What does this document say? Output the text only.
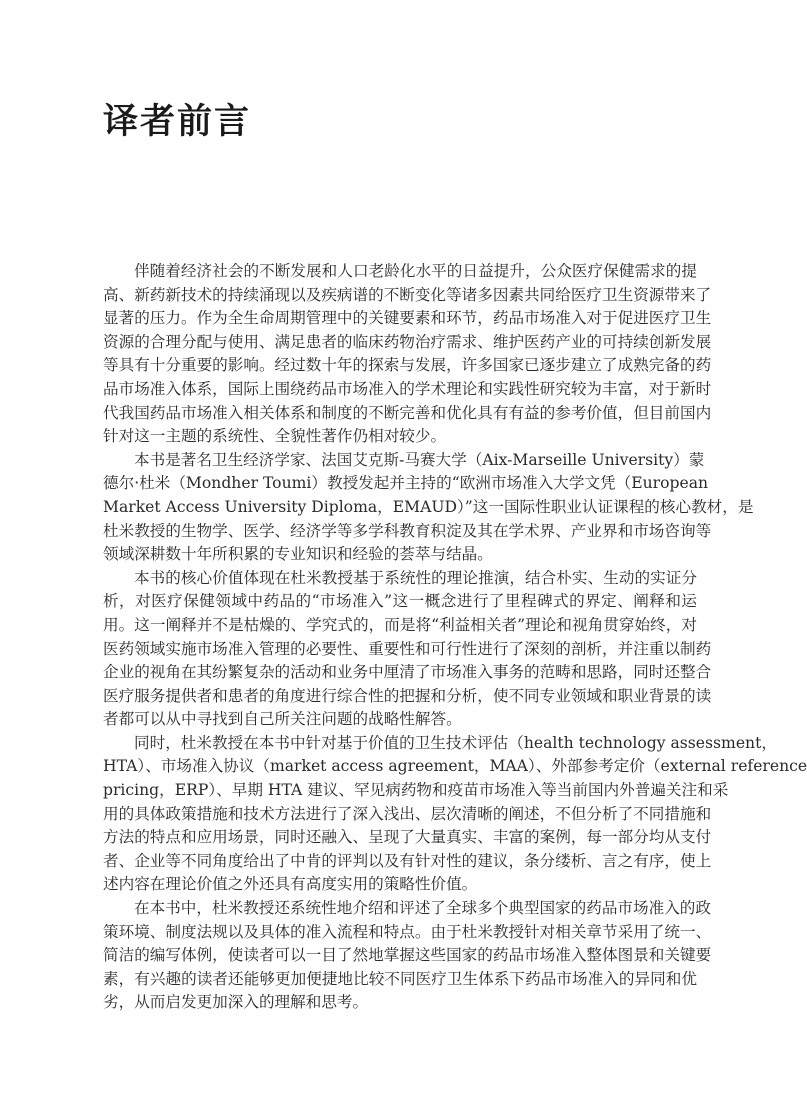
译者前言
伴随着经济社会的不断发展和人口老龄化水平的日益提升，公众医疗保健需求的提
高、新药新技术的持续涌现以及疾病谱的不断变化等诸多因素共同给医疗卫生资源带来了
显著的压力。作为全生命周期管理中的关键要素和环节，药品市场准入对于促进医疗卫生
资源的合理分配与使用、满足患者的临床药物治疗需求、维护医药产业的可持续创新发展
等具有十分重要的影响。经过数十年的探索与发展，许多国家已逐步建立了成熟完备的药
品市场准入体系，国际上围绕药品市场准入的学术理论和实践性研究较为丰富，对于新时
代我国药品市场准入相关体系和制度的不断完善和优化具有有益的参考价值，但目前国内
针对这一主题的系统性、全貌性著作仍相对较少。
本书是著名卫生经济学家、法国艾克斯-马赛大学（Aix-Marseille University）蒙
德尔·杜米（Mondher Toumi）教授发起并主持的“欧洲市场准入大学文凭（European
Market Access University Diploma，EMAUD）”这一国际性职业认证课程的核心教材，是
杜米教授的生物学、医学、经济学等多学科教育积淀及其在学术界、产业界和市场咨询等
领域深耕数十年所积累的专业知识和经验的荟萃与结晶。
本书的核心价值体现在杜米教授基于系统性的理论推演，结合朴实、生动的实证分
析，对医疗保健领域中药品的“市场准入”这一概念进行了里程碑式的界定、阐释和运
用。这一阐释并不是枯燥的、学究式的，而是将“利益相关者”理论和视角贯穿始终，对
医药领域实施市场准入管理的必要性、重要性和可行性进行了深刻的剖析，并注重以制药
企业的视角在其纷繁复杂的活动和业务中厘清了市场准入事务的范畴和思路，同时还整合
医疗服务提供者和患者的角度进行综合性的把握和分析，使不同专业领域和职业背景的读
者都可以从中寻找到自己所关注问题的战略性解答。
同时，杜米教授在本书中针对基于价值的卫生技术评估（health technology assessment，
HTA）、市场准入协议（market access agreement，MAA）、外部参考定价（external reference
pricing，ERP）、早期 HTA 建议、罕见病药物和疫苗市场准入等当前国内外普遍关注和采
用的具体政策措施和技术方法进行了深入浅出、层次清晰的阐述，不但分析了不同措施和
方法的特点和应用场景，同时还融入、呈现了大量真实、丰富的案例，每一部分均从支付
者、企业等不同角度给出了中肯的评判以及有针对性的建议，条分缕析、言之有序，使上
述内容在理论价值之外还具有高度实用的策略性价值。
在本书中，杜米教授还系统性地介绍和评述了全球多个典型国家的药品市场准入的政
策环境、制度法规以及具体的准入流程和特点。由于杜米教授针对相关章节采用了统一、
简洁的编写体例，使读者可以一目了然地掌握这些国家的药品市场准入整体图景和关键要
素，有兴趣的读者还能够更加便捷地比较不同医疗卫生体系下药品市场准入的异同和优
劣，从而启发更加深入的理解和思考。
